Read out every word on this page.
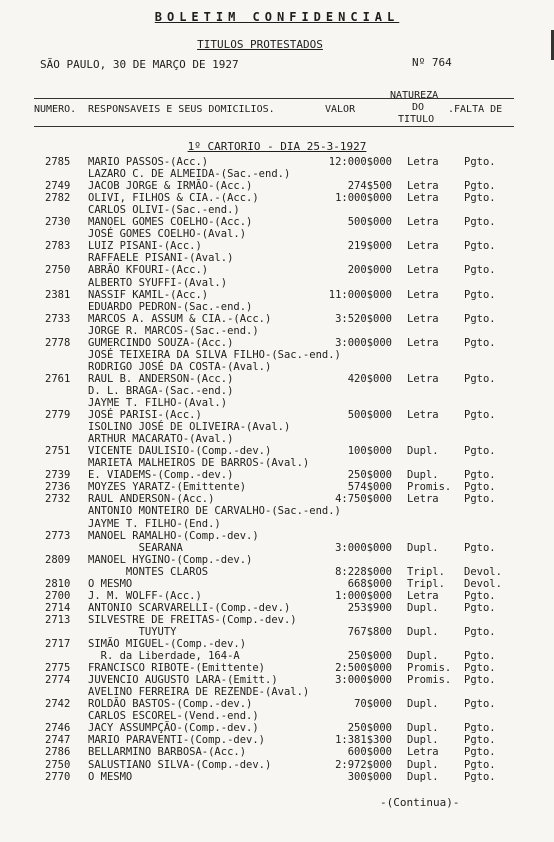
BOLETIM CONFIDENCIAL
TITULOS PROTESTADOS
SÃO PAULO, 30 DE MARÇO DE 1927	Nº 764
NUMERO. RESPONSAVEIS E SEUS DOMICILIOS.	VALOR
NATUREZA
DO
TITULO
.FALTA DE
1º CARTORIO - DIA 25-3-1927
2785 MARIO PASSOS-(Acc.)	12:000$000 Letra Pgto.
LAZARO C. DE ALMEIDA-(Sac.-end.)
2749 JACOB JORGE & IRMÃO-(Acc.)	274$500 Letra Pgto.
2782 OLIVI, FILHOS & CIA.-(Acc.)	1:000$000 Letra Pgto.
CARLOS OLIVI-(Sac.-end.)
2730 MANOEL GOMES COELHO-(Acc.)	500$000 Letra Pgto.
JOSÉ GOMES COELHO-(Aval.)
2783 LUIZ PISANI-(Acc.)	219$000 Letra Pgto.
RAFFAELE PISANI-(Aval.)
2750 ABRÃO KFOURI-(Acc.)	200$000 Letra Pgto.
ALBERTO SYUFFI-(Aval.)
2381 NASSIF KAMIL-(Acc.)	11:000$000 Letra Pgto.
EDUARDO PEDRON-(Sac.-end.)
2733 MARCOS A. ASSUM & CIA.-(Acc.)	3:520$000 Letra Pgto.
JORGE R. MARCOS-(Sac.-end.)
2778 GUMERCINDO SOUZA-(Acc.)	3:000$000 Letra Pgto.
JOSÉ TEIXEIRA DA SILVA FILHO-(Sac.-end.)
RODRIGO JOSÉ DA COSTA-(Aval.)
2761 RAUL B. ANDERSON-(Acc.)	420$000 Letra Pgto.
D. L. BRAGA-(Sac.-end.)
JAYME T. FILHO-(Aval.)
2779 JOSÉ PARISI-(Acc.)	500$000 Letra Pgto.
ISOLINO JOSÉ DE OLIVEIRA-(Aval.)
ARTHUR MACARATO-(Aval.)
2751 VICENTE DAULISIO-(Comp.-dev.)	100$000 Dupl. Pgto.
MARIETA MALHEIROS DE BARROS-(Aval.)
2739 E. VIADEMS-(Comp.-dev.)	250$000 Dupl. Pgto.
2736 MOYZES YARATZ-(Emittente)	574$000 Promis. Pgto.
2732 RAUL ANDERSON-(Acc.)	4:750$000 Letra Pgto.
ANTONIO MONTEIRO DE CARVALHO-(Sac.-end.)
JAYME T. FILHO-(End.)
2773 MANOEL RAMALHO-(Comp.-dev.)
SEARANA	3:000$000 Dupl. Pgto.
2809 MANOEL HYGINO-(Comp.-dev.)
MONTES CLAROS	8:228$000 Tripl. Devol.
2810 O MESMO	668$000 Tripl. Devol.
2700 J. M. WOLFF-(Acc.)	1:000$000 Letra Pgto.
2714 ANTONIO SCARVARELLI-(Comp.-dev.)	253$900 Dupl. Pgto.
2713 SILVESTRE DE FREITAS-(Comp.-dev.)
TUYUTY	767$800 Dupl. Pgto.
2717 SIMÃO MIGUEL-(Comp.-dev.)
R. da Liberdade, 164-A	250$000 Dupl. Pgto.
2775 FRANCISCO RIBOTE-(Emittente)	2:500$000 Promis. Pgto.
2774 JUVENCIO AUGUSTO LARA-(Emitt.)	3:000$000 Promis. Pgto.
AVELINO FERREIRA DE REZENDE-(Aval.)
2742 ROLDÃO BASTOS-(Comp.-dev.)	70$000 Dupl. Pgto.
CARLOS ESCOREL-(Vend.-end.)
2746 JACY ASSUMPÇÃO-(Comp.-dev.)	250$000 Dupl. Pgto.
2747 MARIO PARAVENTI-(Comp.-dev.)	1:381$300 Dupl. Pgto.
2786 BELLARMINO BARBOSA-(Acc.)	600$000 Letra Pgto.
2750 SALUSTIANO SILVA-(Comp.-dev.)	2:972$000 Dupl. Pgto.
2770 O MESMO	300$000 Dupl. Pgto.
-(Continua)-
